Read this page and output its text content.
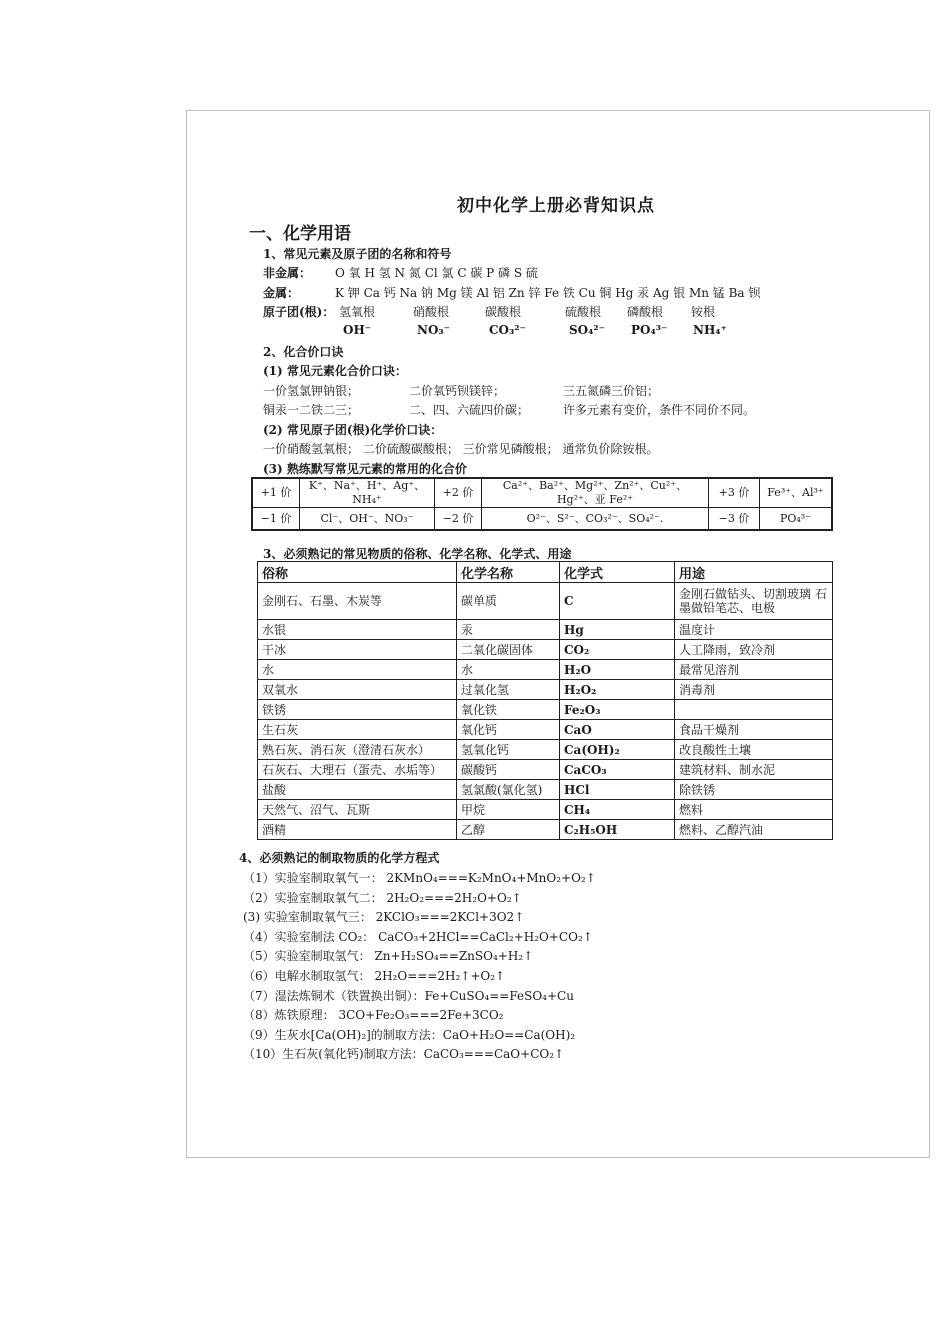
初中化学上册必背知识点
一、化学用语
1、常见元素及原子团的名称和符号
非金属： O 氧 H 氢 N 氮 Cl 氯 C 碳 P 磷 S 硫
金属：	K 钾 Ca 钙 Na 钠 Mg 镁 Al 铝 Zn 锌 Fe 铁 Cu 铜 Hg 汞 Ag 银 Mn 锰 Ba 钡
原子团(根)： 氢氧根	硝酸根	碳酸根	硫酸根 磷酸根 铵根
OH⁻	NO₃⁻	CO₃²⁻	SO₄²⁻ PO₄³⁻ NH₄⁺
2、化合价口诀
(1) 常见元素化合价口诀：
一价氢氯钾钠银；	二价氧钙钡镁锌；	三五氮磷三价铝；
铜汞一二铁二三；	二、四、六硫四价碳；	许多元素有变价，条件不同价不同。
(2) 常见原子团(根)化学价口诀：
一价硝酸氢氧根； 二价硫酸碳酸根； 三价常见磷酸根； 通常负价除铵根。
(3) 熟练默写常见元素的常用的化合价
+1 价	K⁺、Na⁺、H⁺、Ag⁺、NH₄⁺	+2 价	Ca²⁺、Ba²⁺、Mg²⁺、Zn²⁺、Cu²⁺、Hg²⁺、亚 Fe²⁺	+3 价	Fe³⁺、Al³⁺
−1 价	Cl⁻、OH⁻、NO₃⁻	−2 价	O²⁻、S²⁻、CO₃²⁻、SO₄²⁻.	−3 价	PO₄³⁻
3、必须熟记的常见物质的俗称、化学名称、化学式、用途
俗称	化学名称	化学式	用途
金刚石、石墨、木炭等	碳单质	C	金刚石做钻头、切割玻璃 石墨做铅笔芯、电极
水银	汞	Hg	温度计
干冰	二氧化碳固体	CO₂	人工降雨，致冷剂
水	水	H₂O	最常见溶剂
双氧水	过氧化氢	H₂O₂	消毒剂
铁锈	氧化铁	Fe₂O₃	
生石灰	氧化钙	CaO	食品干燥剂
熟石灰、消石灰（澄清石灰水）	氢氧化钙	Ca(OH)₂	改良酸性土壤
石灰石、大理石（蛋壳、水垢等）	碳酸钙	CaCO₃	建筑材料、制水泥
盐酸	氢氯酸(氯化氢)	HCl	除铁锈
天然气、沼气、瓦斯	甲烷	CH₄	燃料
酒精	乙醇	C₂H₅OH	燃料、乙醇汽油
4、必须熟记的制取物质的化学方程式
（1）实验室制取氧气一： 2KMnO₄===K₂MnO₄+MnO₂+O₂↑
（2）实验室制取氧气二： 2H₂O₂===2H₂O+O₂↑
(3) 实验室制取氧气三： 2KClO₃===2KCl+3O2↑
（4）实验室制法 CO₂： CaCO₃+2HCl==CaCl₂+H₂O+CO₂↑
（5）实验室制取氢气： Zn+H₂SO₄==ZnSO₄+H₂↑
（6）电解水制取氢气： 2H₂O===2H₂↑+O₂↑
（7）湿法炼铜术（铁置换出铜）：Fe+CuSO₄==FeSO₄+Cu
（8）炼铁原理： 3CO+Fe₂O₃===2Fe+3CO₂
（9）生灰水[Ca(OH)₂]的制取方法：CaO+H₂O==Ca(OH)₂
（10）生石灰(氧化钙)制取方法：CaCO₃===CaO+CO₂↑
